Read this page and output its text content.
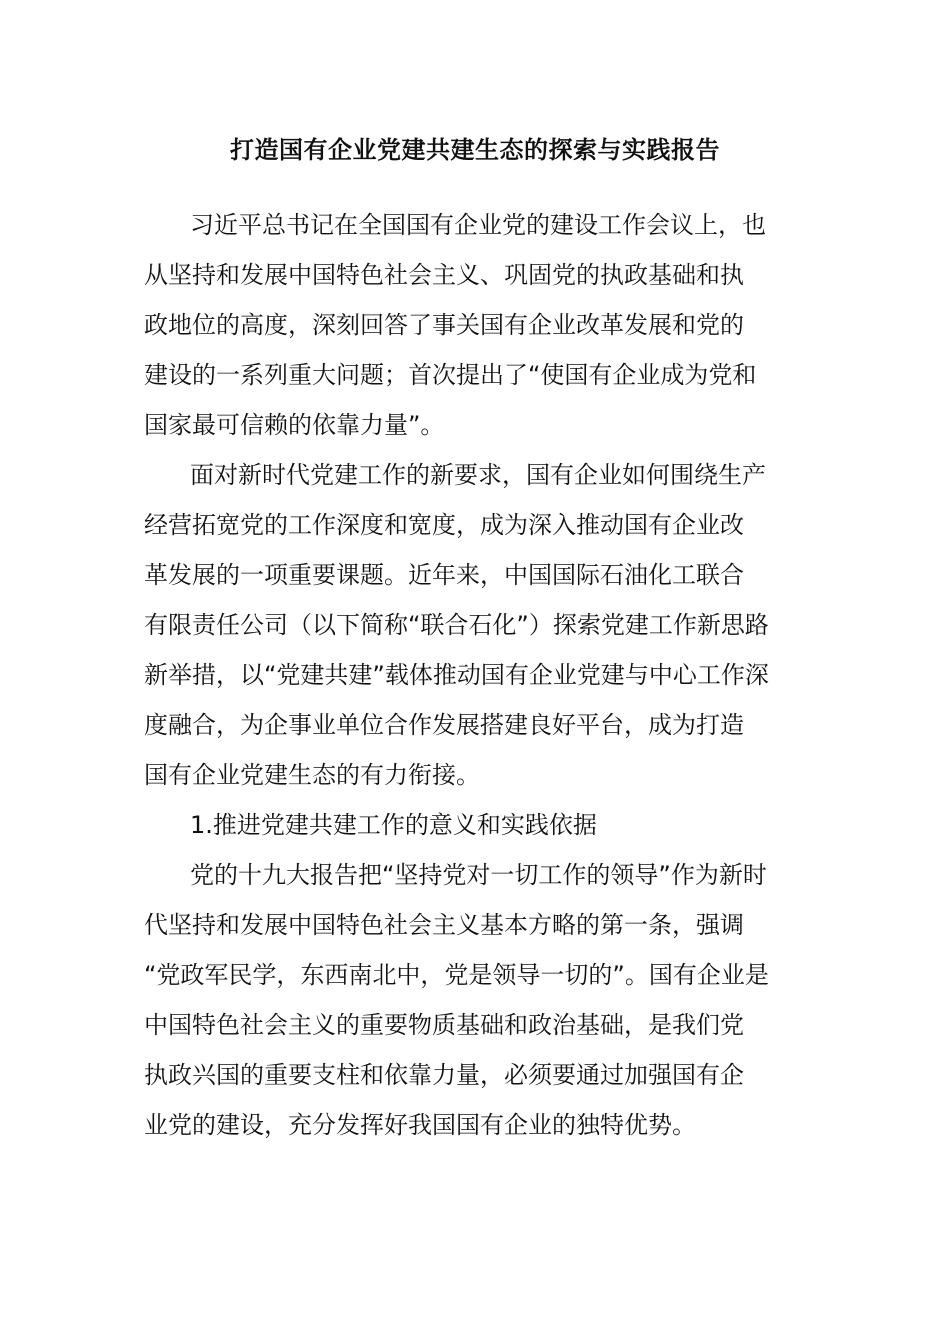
打造国有企业党建共建生态的探索与实践报告

习近平总书记在全国国有企业党的建设工作会议上，也
从坚持和发展中国特色社会主义、巩固党的执政基础和执
政地位的高度，深刻回答了事关国有企业改革发展和党的
建设的一系列重大问题；首次提出了“使国有企业成为党和
国家最可信赖的依靠力量”。

面对新时代党建工作的新要求，国有企业如何围绕生产
经营拓宽党的工作深度和宽度，成为深入推动国有企业改
革发展的一项重要课题。近年来，中国国际石油化工联合
有限责任公司（以下简称“联合石化”）探索党建工作新思路
新举措，以“党建共建”载体推动国有企业党建与中心工作深
度融合，为企事业单位合作发展搭建良好平台，成为打造
国有企业党建生态的有力衔接。

1.推进党建共建工作的意义和实践依据

党的十九大报告把“坚持党对一切工作的领导”作为新时
代坚持和发展中国特色社会主义基本方略的第一条，强调
“党政军民学，东西南北中，党是领导一切的”。国有企业是
中国特色社会主义的重要物质基础和政治基础，是我们党
执政兴国的重要支柱和依靠力量，必须要通过加强国有企
业党的建设，充分发挥好我国国有企业的独特优势。
